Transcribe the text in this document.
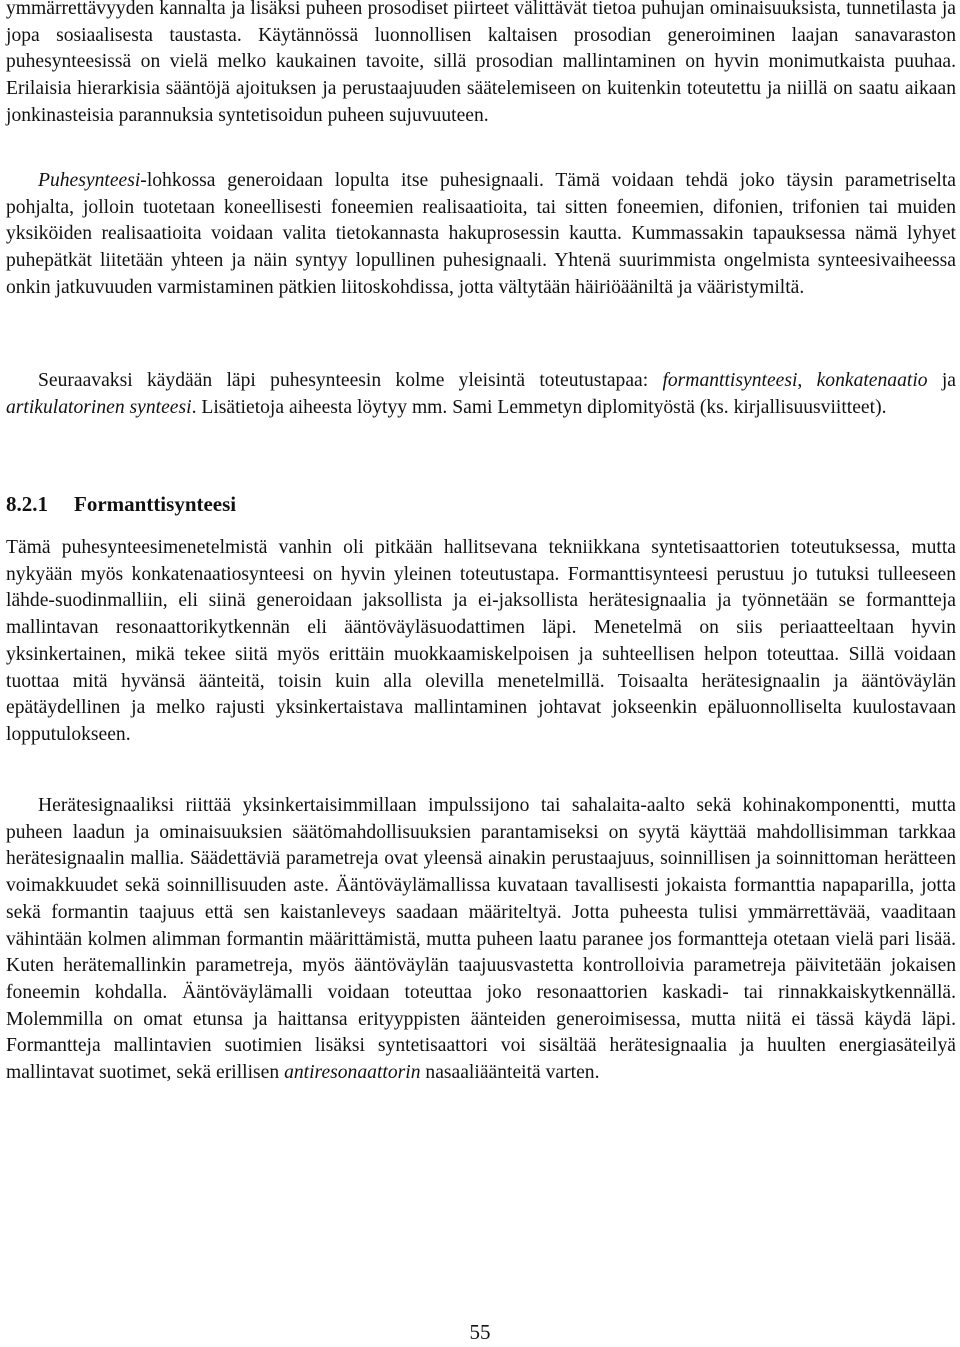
ymmärrettävyyden kannalta ja lisäksi puheen prosodiset piirteet välittävät tietoa puhujan ominaisuuksista, tunnetilasta ja jopa sosiaalisesta taustasta. Käytännössä luonnollisen kaltaisen prosodian generoiminen laajan sanavaraston puhesynteesissä on vielä melko kaukainen tavoite, sillä prosodian mallintaminen on hyvin monimutkaista puuhaa. Erilaisia hierarkisia sääntöjä ajoituksen ja perustaajuuden säätelemiseen on kuitenkin toteutettu ja niillä on saatu aikaan jonkinasteisia parannuksia syntetisoidun puheen sujuvuuteen.

Puhesynteesi-lohkossa generoidaan lopulta itse puhesignaali. Tämä voidaan tehdä joko täysin parametriselta pohjalta, jolloin tuotetaan koneellisesti foneemien realisaatioita, tai sitten foneemien, difonien, trifonien tai muiden yksiköiden realisaatioita voidaan valita tietokannasta hakuprosessin kautta. Kummassakin tapauksessa nämä lyhyet puhepätkät liitetään yhteen ja näin syntyy lopullinen puhesignaali. Yhtenä suurimmista ongelmista synteesivaiheessa onkin jatkuvuuden varmistaminen pätkien liitoskohdissa, jotta vältytään häiriöääniltä ja vääristymiltä.

Seuraavaksi käydään läpi puhesynteesin kolme yleisintä toteutustapaa: formanttisynteesi, konkatenaatio ja artikulatorinen synteesi. Lisätietoja aiheesta löytyy mm. Sami Lemmetyn diplomityöstä (ks. kirjallisuusviitteet).

8.2.1 Formanttisynteesi

Tämä puhesynteesimenetelmistä vanhin oli pitkään hallitsevana tekniikkana syntetisaattorien toteutuksessa, mutta nykyään myös konkatenaatiosynteesi on hyvin yleinen toteutustapa. Formanttisynteesi perustuu jo tutuksi tulleeseen lähde-suodinmalliin, eli siinä generoidaan jaksollista ja ei-jaksollista herätesignaalia ja työnnetään se formantteja mallintavan resonaattorikytkennän eli ääntöväyläsuodattimen läpi. Menetelmä on siis periaatteeltaan hyvin yksinkertainen, mikä tekee siitä myös erittäin muokkaamiskelpoisen ja suhteellisen helpon toteuttaa. Sillä voidaan tuottaa mitä hyvänsä äänteitä, toisin kuin alla olevilla menetelmillä. Toisaalta herätesignaalin ja ääntöväylän epätäydellinen ja melko rajusti yksinkertaistava mallintaminen johtavat jokseenkin epäluonnolliselta kuulostavaan lopputulokseen.

Herätesignaaliksi riittää yksinkertaisimmillaan impulssijono tai sahalaita-aalto sekä kohinakomponentti, mutta puheen laadun ja ominaisuuksien säätömahdollisuuksien parantamiseksi on syytä käyttää mahdollisimman tarkkaa herätesignaalin mallia. Säädettäviä parametreja ovat yleensä ainakin perustaajuus, soinnillisen ja soinnittoman herätteen voimakkuudet sekä soinnillisuuden aste. Ääntöväylämallissa kuvataan tavallisesti jokaista formanttia napaparilla, jotta sekä formantin taajuus että sen kaistanleveys saadaan määriteltyä. Jotta puheesta tulisi ymmärrettävää, vaaditaan vähintään kolmen alimman formantin määrittämistä, mutta puheen laatu paranee jos formantteja otetaan vielä pari lisää. Kuten herätemallinkin parametreja, myös ääntöväylän taajuusvastetta kontrolloivia parametreja päivitetään jokaisen foneemin kohdalla. Ääntöväylämalli voidaan toteuttaa joko resonaattorien kaskadi- tai rinnakkaiskytkennällä. Molemmilla on omat etunsa ja haittansa erityyppisten äänteiden generoimisessa, mutta niitä ei tässä käydä läpi. Formantteja mallintavien suotimien lisäksi syntetisaattori voi sisältää herätesignaalia ja huulten energiasäteilyä mallintavat suotimet, sekä erillisen antiresonaattorin nasaaliäänteitä varten.

55
